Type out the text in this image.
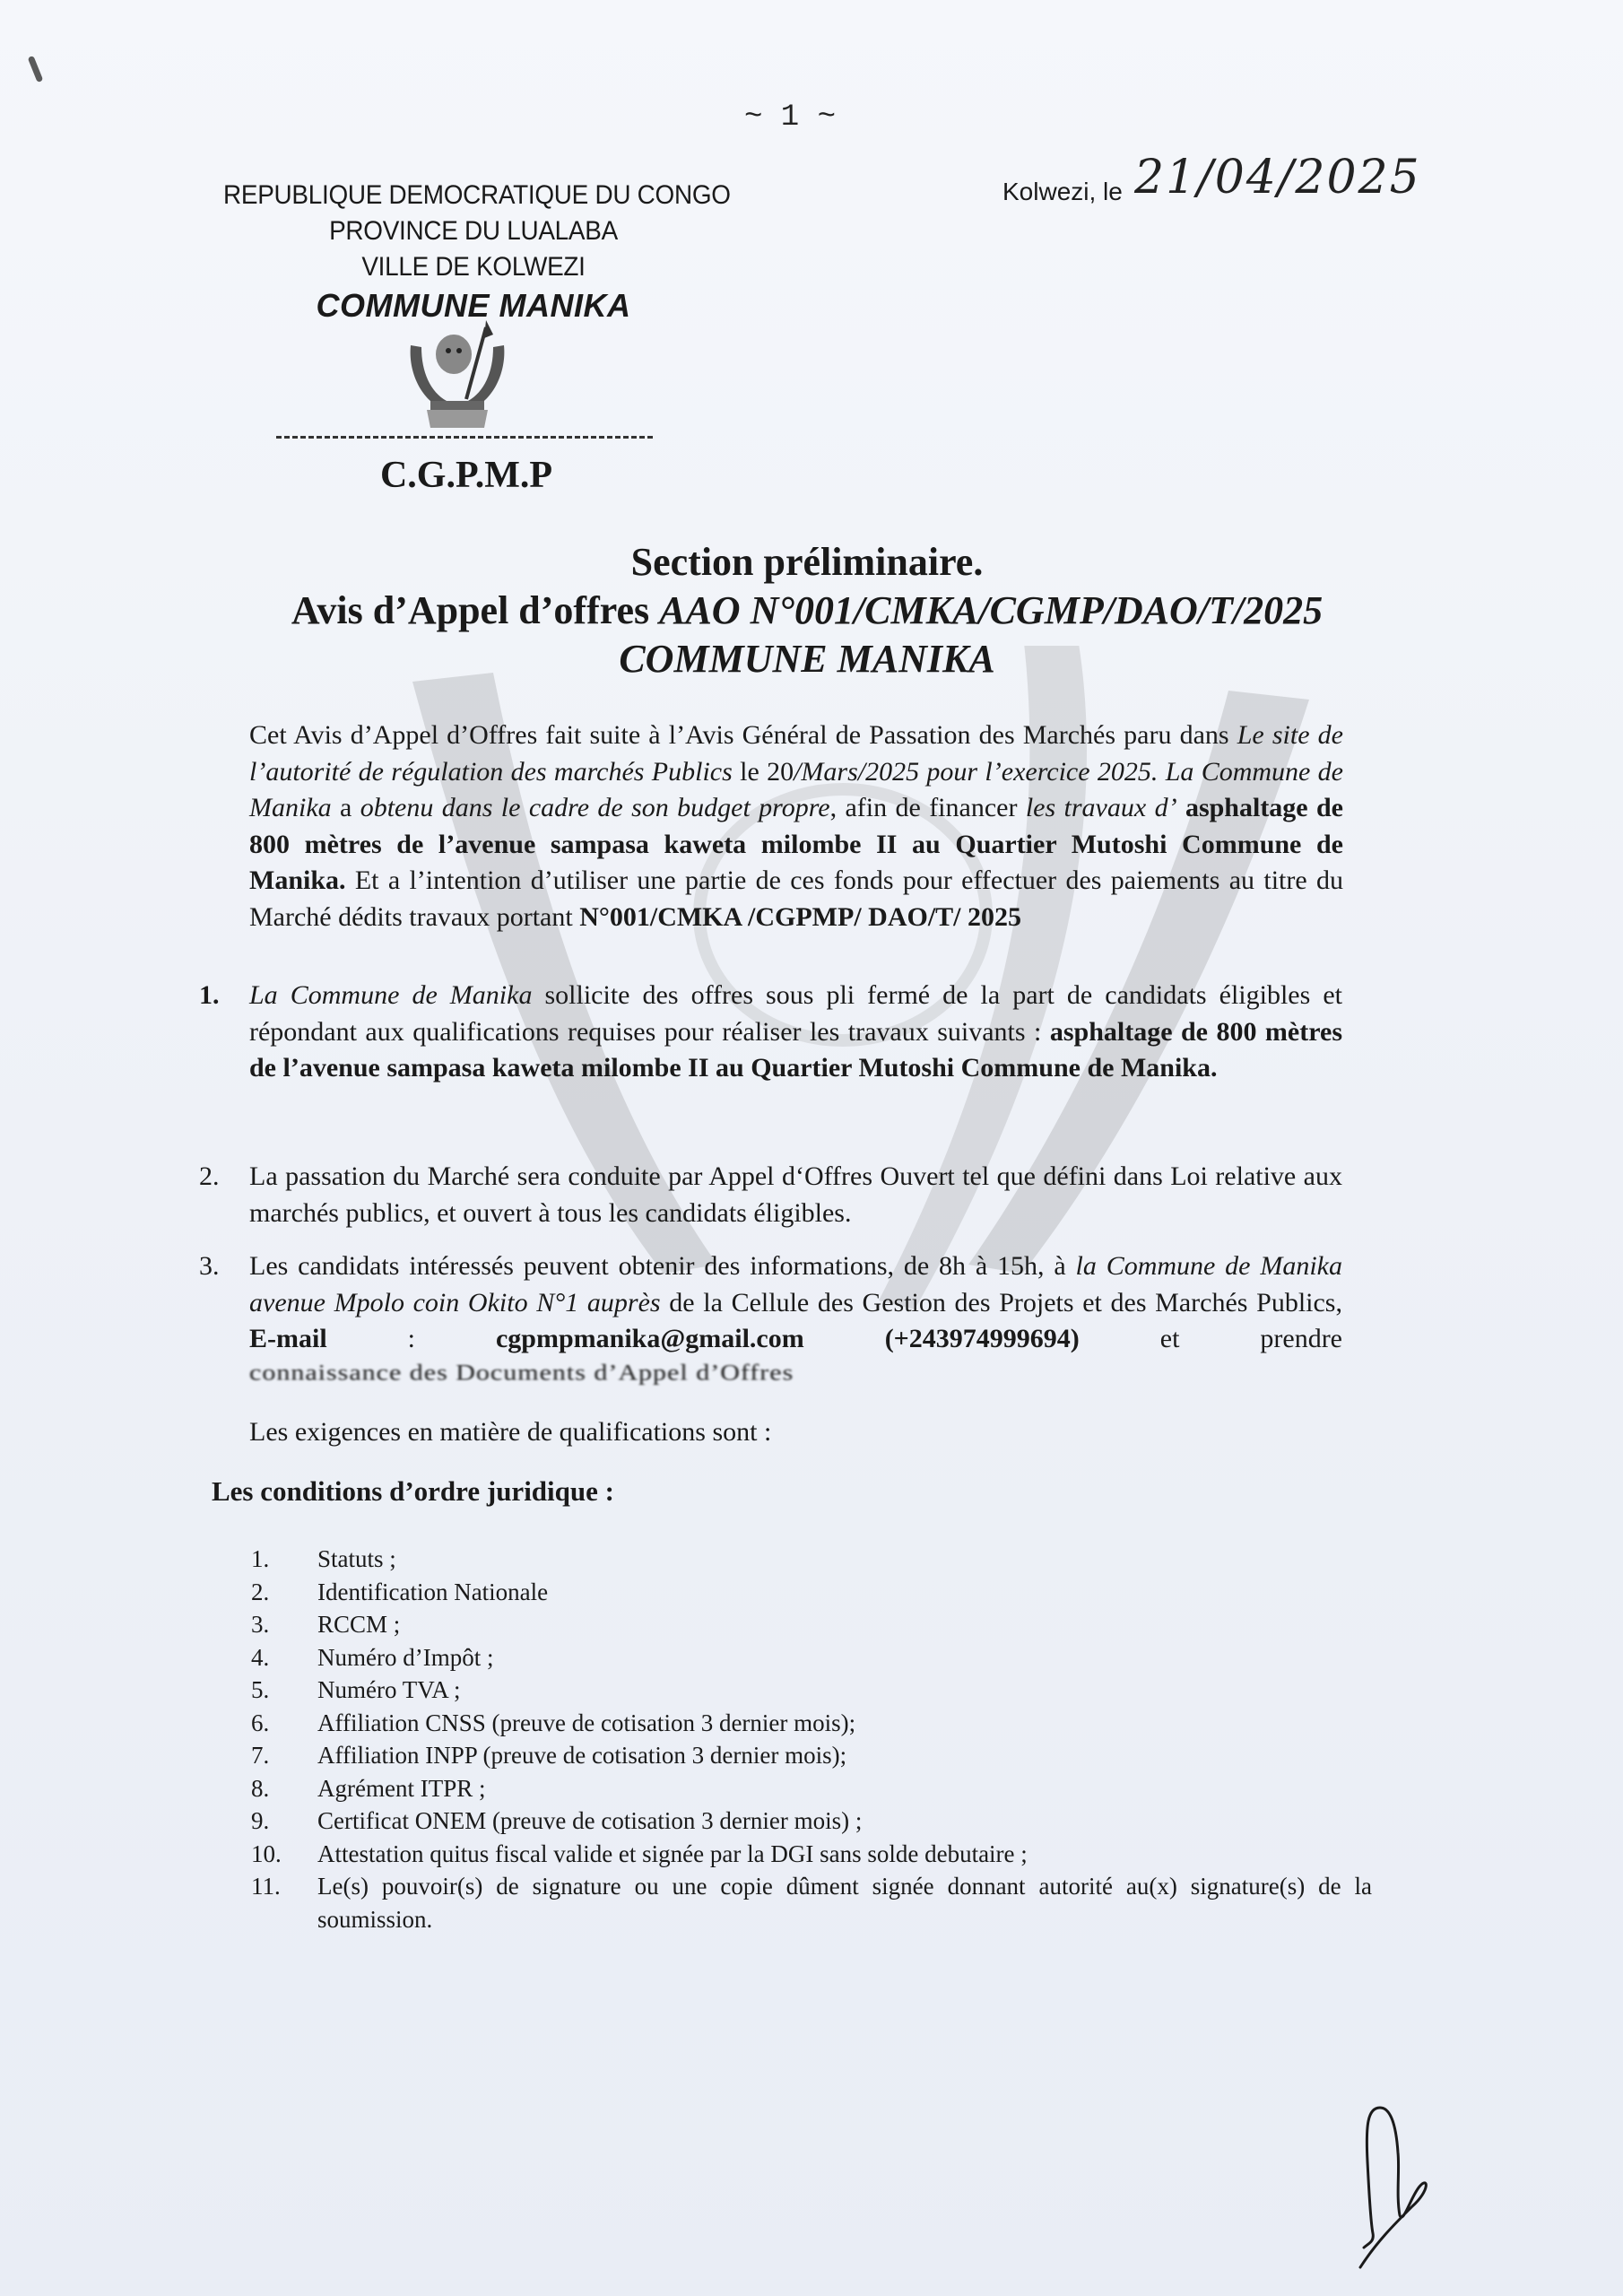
~ 1 ~
REPUBLIQUE DEMOCRATIQUE DU CONGO
PROVINCE DU LUALABA
VILLE DE KOLWEZI
COMMUNE MANIKA
C.G.P.M.P
Kolwezi, le 21/04/2025
Section préliminaire.
Avis d’Appel d’offres AAO N°001/CMKA/CGMP/DAO/T/2025
COMMUNE MANIKA

Cet Avis d’Appel d’Offres fait suite à l’Avis Général de Passation des Marchés paru dans Le site de l’autorité de régulation des marchés Publics le 20/Mars/2025 pour l’exercice 2025. La Commune de Manika a obtenu dans le cadre de son budget propre, afin de financer les travaux d’ asphaltage de 800 mètres de l’avenue sampasa kaweta milombe II au Quartier Mutoshi Commune de Manika. Et a l’intention d’utiliser une partie de ces fonds pour effectuer des paiements au titre du Marché dédits travaux portant N°001/CMKA /CGPMP/ DAO/T/ 2025

1.	La Commune de Manika sollicite des offres sous pli fermé de la part de candidats éligibles et répondant aux qualifications requises pour réaliser les travaux suivants : asphaltage de 800 mètres de l’avenue sampasa kaweta milombe II au Quartier Mutoshi Commune de Manika.
2.	La passation du Marché sera conduite par Appel d‘Offres Ouvert tel que défini dans Loi relative aux marchés publics, et ouvert à tous les candidats éligibles.
3.	Les candidats intéressés peuvent obtenir des informations, de 8h à 15h, à la Commune de Manika avenue Mpolo coin Okito N°1 auprès de la Cellule des Gestion des Projets et des Marchés Publics, E-mail : cgpmpmanika@gmail.com (+243974999694) et prendre connaissance des Documents d’Appel d’Offres
Les exigences en matière de qualifications sont :
Les conditions d’ordre juridique :
1.	Statuts ;
2.	Identification Nationale
3.	RCCM ;
4.	Numéro d’Impôt ;
5.	Numéro TVA ;
6.	Affiliation CNSS (preuve de cotisation 3 dernier mois);
7.	Affiliation INPP (preuve de cotisation 3 dernier mois);
8.	Agrément ITPR ;
9.	Certificat ONEM (preuve de cotisation 3 dernier mois) ;
10.	Attestation quitus fiscal valide et signée par la DGI sans solde debutaire ;
11.	Le(s) pouvoir(s) de signature ou une copie dûment signée donnant autorité au(x) signature(s) de la soumission.
